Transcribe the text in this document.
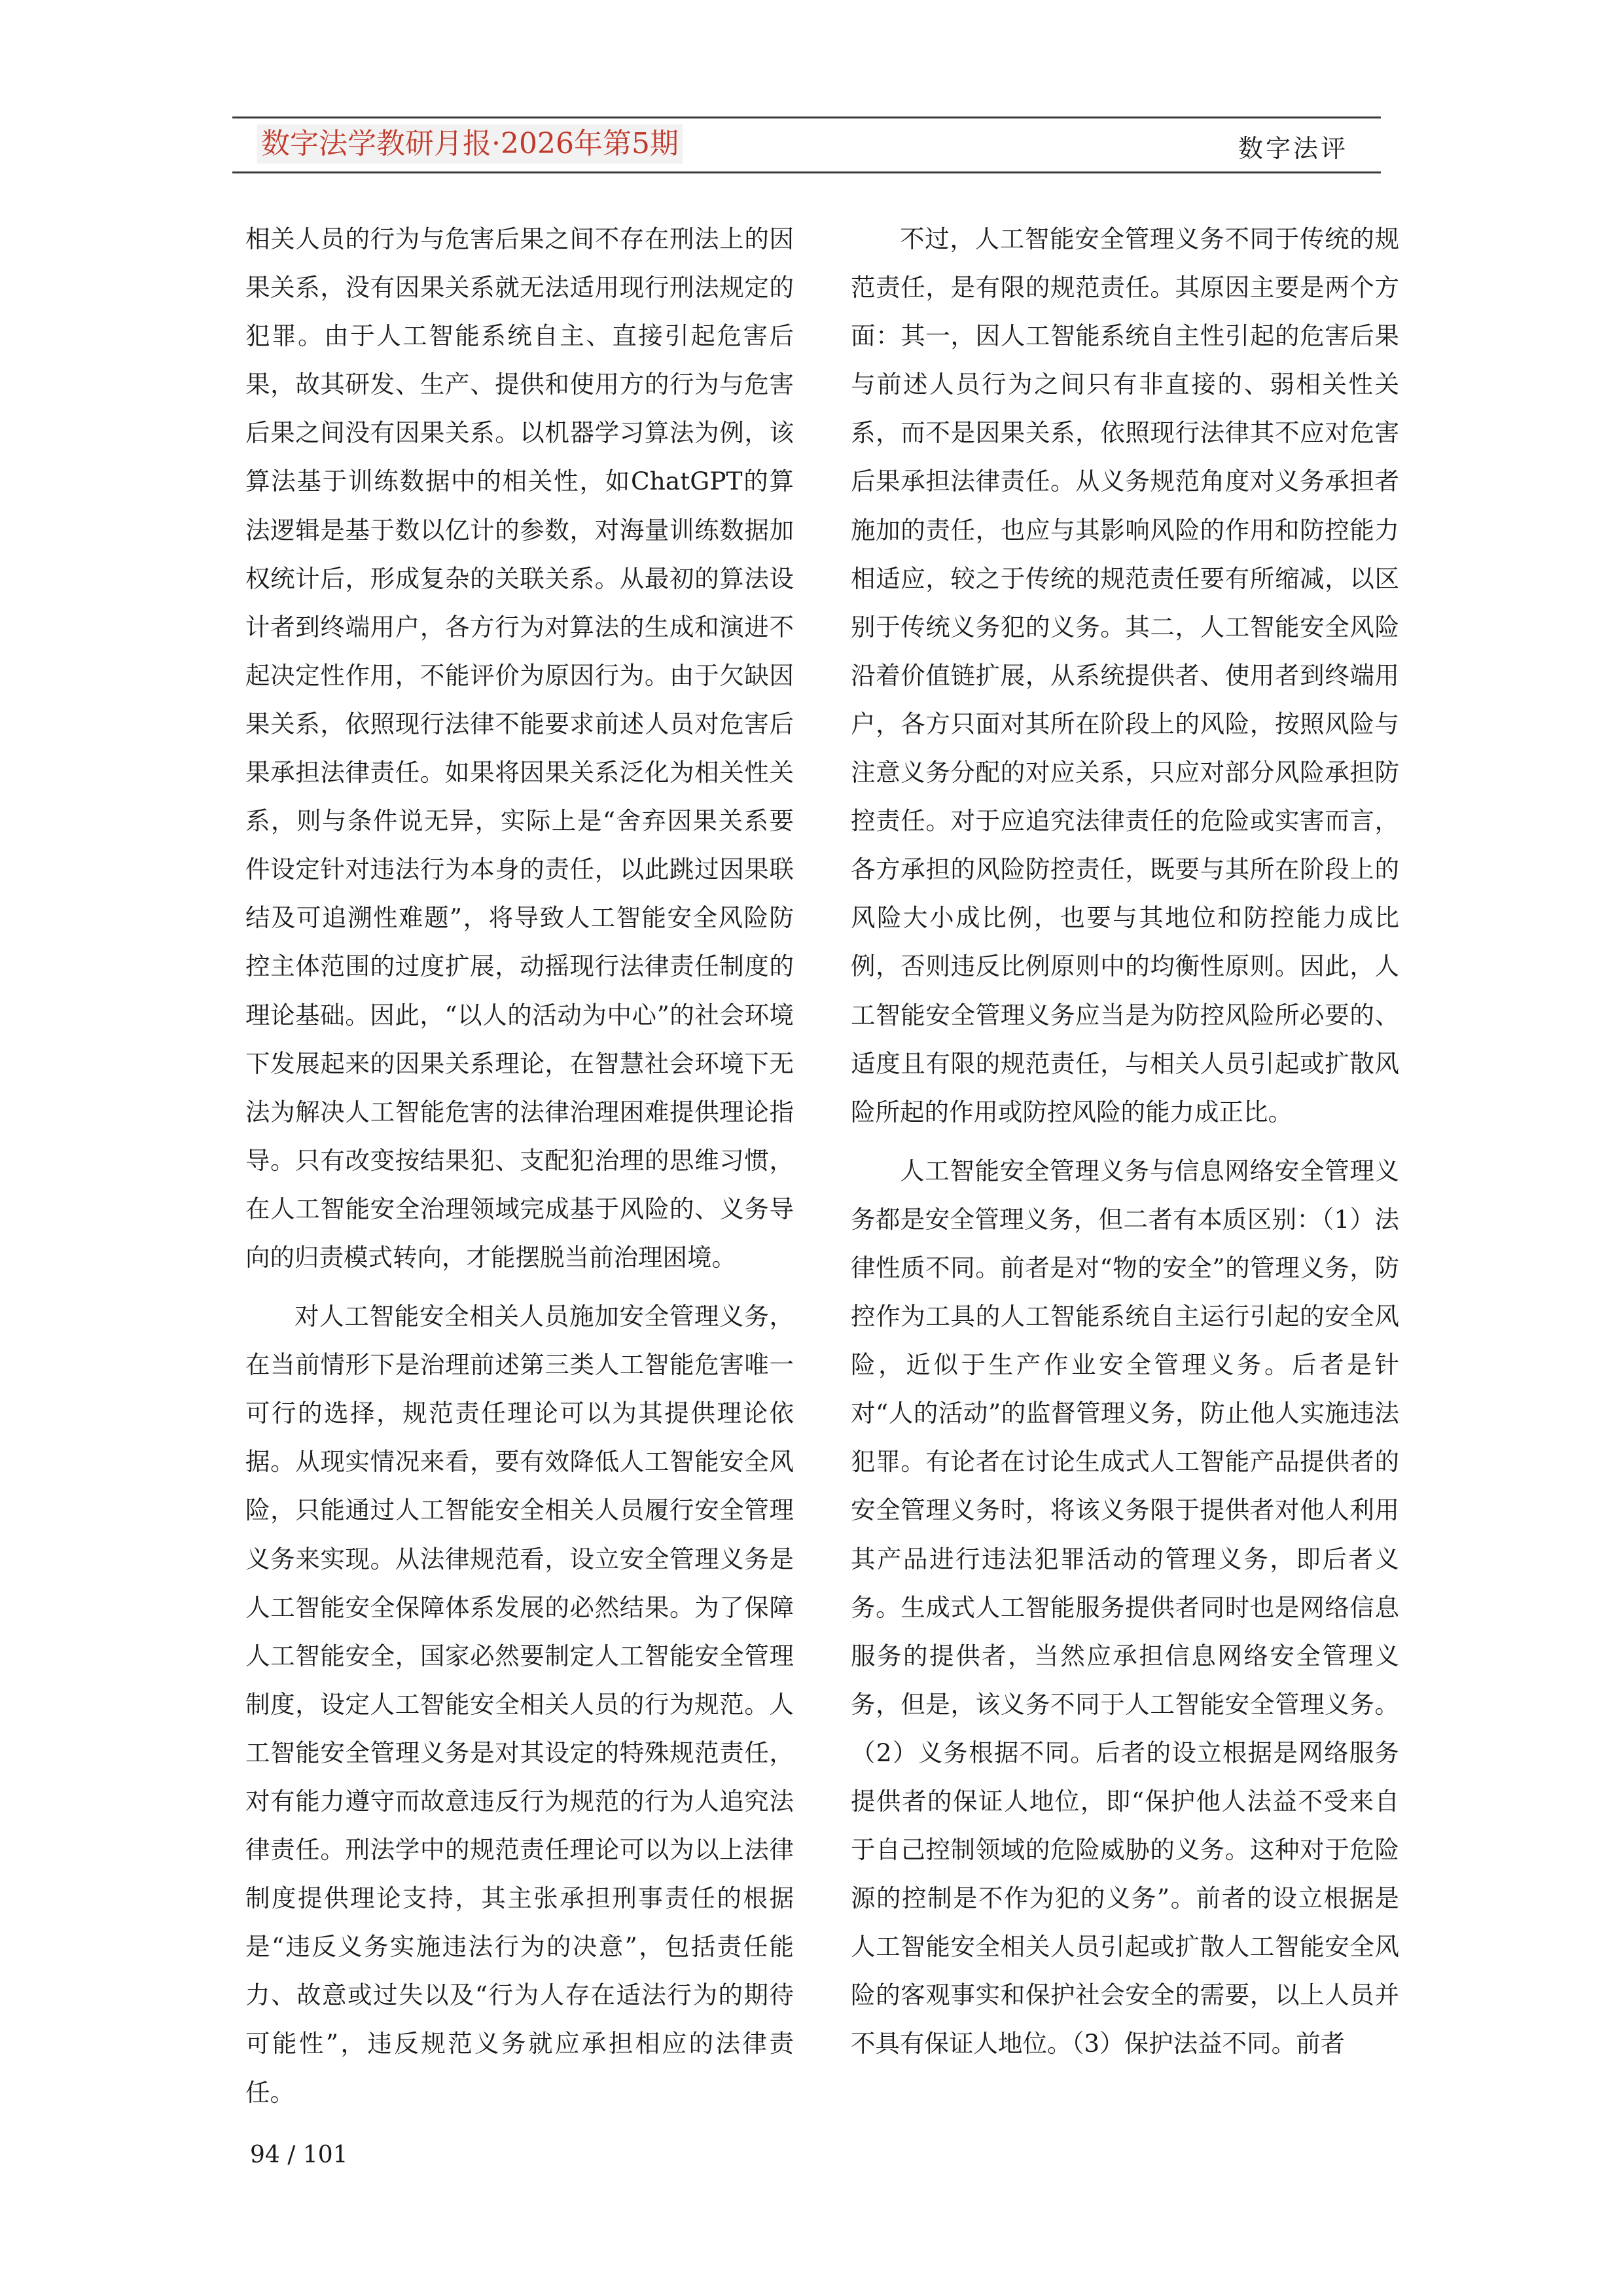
数字法学教研月报·2026年第5期	数字法评

相关人员的行为与危害后果之间不存在刑法上的因果关系，没有因果关系就无法适用现行刑法规定的犯罪。由于人工智能系统自主、直接引起危害后果，故其研发、生产、提供和使用方的行为与危害后果之间没有因果关系。以机器学习算法为例，该算法基于训练数据中的相关性，如ChatGPT的算法逻辑是基于数以亿计的参数，对海量训练数据加权统计后，形成复杂的关联关系。从最初的算法设计者到终端用户，各方行为对算法的生成和演进不起决定性作用，不能评价为原因行为。由于欠缺因果关系，依照现行法律不能要求前述人员对危害后果承担法律责任。如果将因果关系泛化为相关性关系，则与条件说无异，实际上是“舍弃因果关系要件设定针对违法行为本身的责任，以此跳过因果联结及可追溯性难题”，将导致人工智能安全风险防控主体范围的过度扩展，动摇现行法律责任制度的理论基础。因此，“以人的活动为中心”的社会环境下发展起来的因果关系理论，在智慧社会环境下无法为解决人工智能危害的法律治理困难提供理论指导。只有改变按结果犯、支配犯治理的思维习惯，在人工智能安全治理领域完成基于风险的、义务导向的归责模式转向，才能摆脱当前治理困境。

对人工智能安全相关人员施加安全管理义务，在当前情形下是治理前述第三类人工智能危害唯一可行的选择，规范责任理论可以为其提供理论依据。从现实情况来看，要有效降低人工智能安全风险，只能通过人工智能安全相关人员履行安全管理义务来实现。从法律规范看，设立安全管理义务是人工智能安全保障体系发展的必然结果。为了保障人工智能安全，国家必然要制定人工智能安全管理制度，设定人工智能安全相关人员的行为规范。人工智能安全管理义务是对其设定的特殊规范责任，对有能力遵守而故意违反行为规范的行为人追究法律责任。刑法学中的规范责任理论可以为以上法律制度提供理论支持，其主张承担刑事责任的根据是“违反义务实施违法行为的决意”，包括责任能力、故意或过失以及“行为人存在适法行为的期待可能性”，违反规范义务就应承担相应的法律责任。

不过，人工智能安全管理义务不同于传统的规范责任，是有限的规范责任。其原因主要是两个方面：其一，因人工智能系统自主性引起的危害后果与前述人员行为之间只有非直接的、弱相关性关系，而不是因果关系，依照现行法律其不应对危害后果承担法律责任。从义务规范角度对义务承担者施加的责任，也应与其影响风险的作用和防控能力相适应，较之于传统的规范责任要有所缩减，以区别于传统义务犯的义务。其二，人工智能安全风险沿着价值链扩展，从系统提供者、使用者到终端用户，各方只面对其所在阶段上的风险，按照风险与注意义务分配的对应关系，只应对部分风险承担防控责任。对于应追究法律责任的危险或实害而言，各方承担的风险防控责任，既要与其所在阶段上的风险大小成比例，也要与其地位和防控能力成比例，否则违反比例原则中的均衡性原则。因此，人工智能安全管理义务应当是为防控风险所必要的、适度且有限的规范责任，与相关人员引起或扩散风险所起的作用或防控风险的能力成正比。

人工智能安全管理义务与信息网络安全管理义务都是安全管理义务，但二者有本质区别：（1）法律性质不同。前者是对“物的安全”的管理义务，防控作为工具的人工智能系统自主运行引起的安全风险，近似于生产作业安全管理义务。后者是针对“人的活动”的监督管理义务，防止他人实施违法犯罪。有论者在讨论生成式人工智能产品提供者的安全管理义务时，将该义务限于提供者对他人利用其产品进行违法犯罪活动的管理义务，即后者义务。生成式人工智能服务提供者同时也是网络信息服务的提供者，当然应承担信息网络安全管理义务，但是，该义务不同于人工智能安全管理义务。（2）义务根据不同。后者的设立根据是网络服务提供者的保证人地位，即“保护他人法益不受来自于自己控制领域的危险威胁的义务。这种对于危险源的控制是不作为犯的义务”。前者的设立根据是人工智能安全相关人员引起或扩散人工智能安全风险的客观事实和保护社会安全的需要，以上人员并不具有保证人地位。（3）保护法益不同。前者

94 / 101
